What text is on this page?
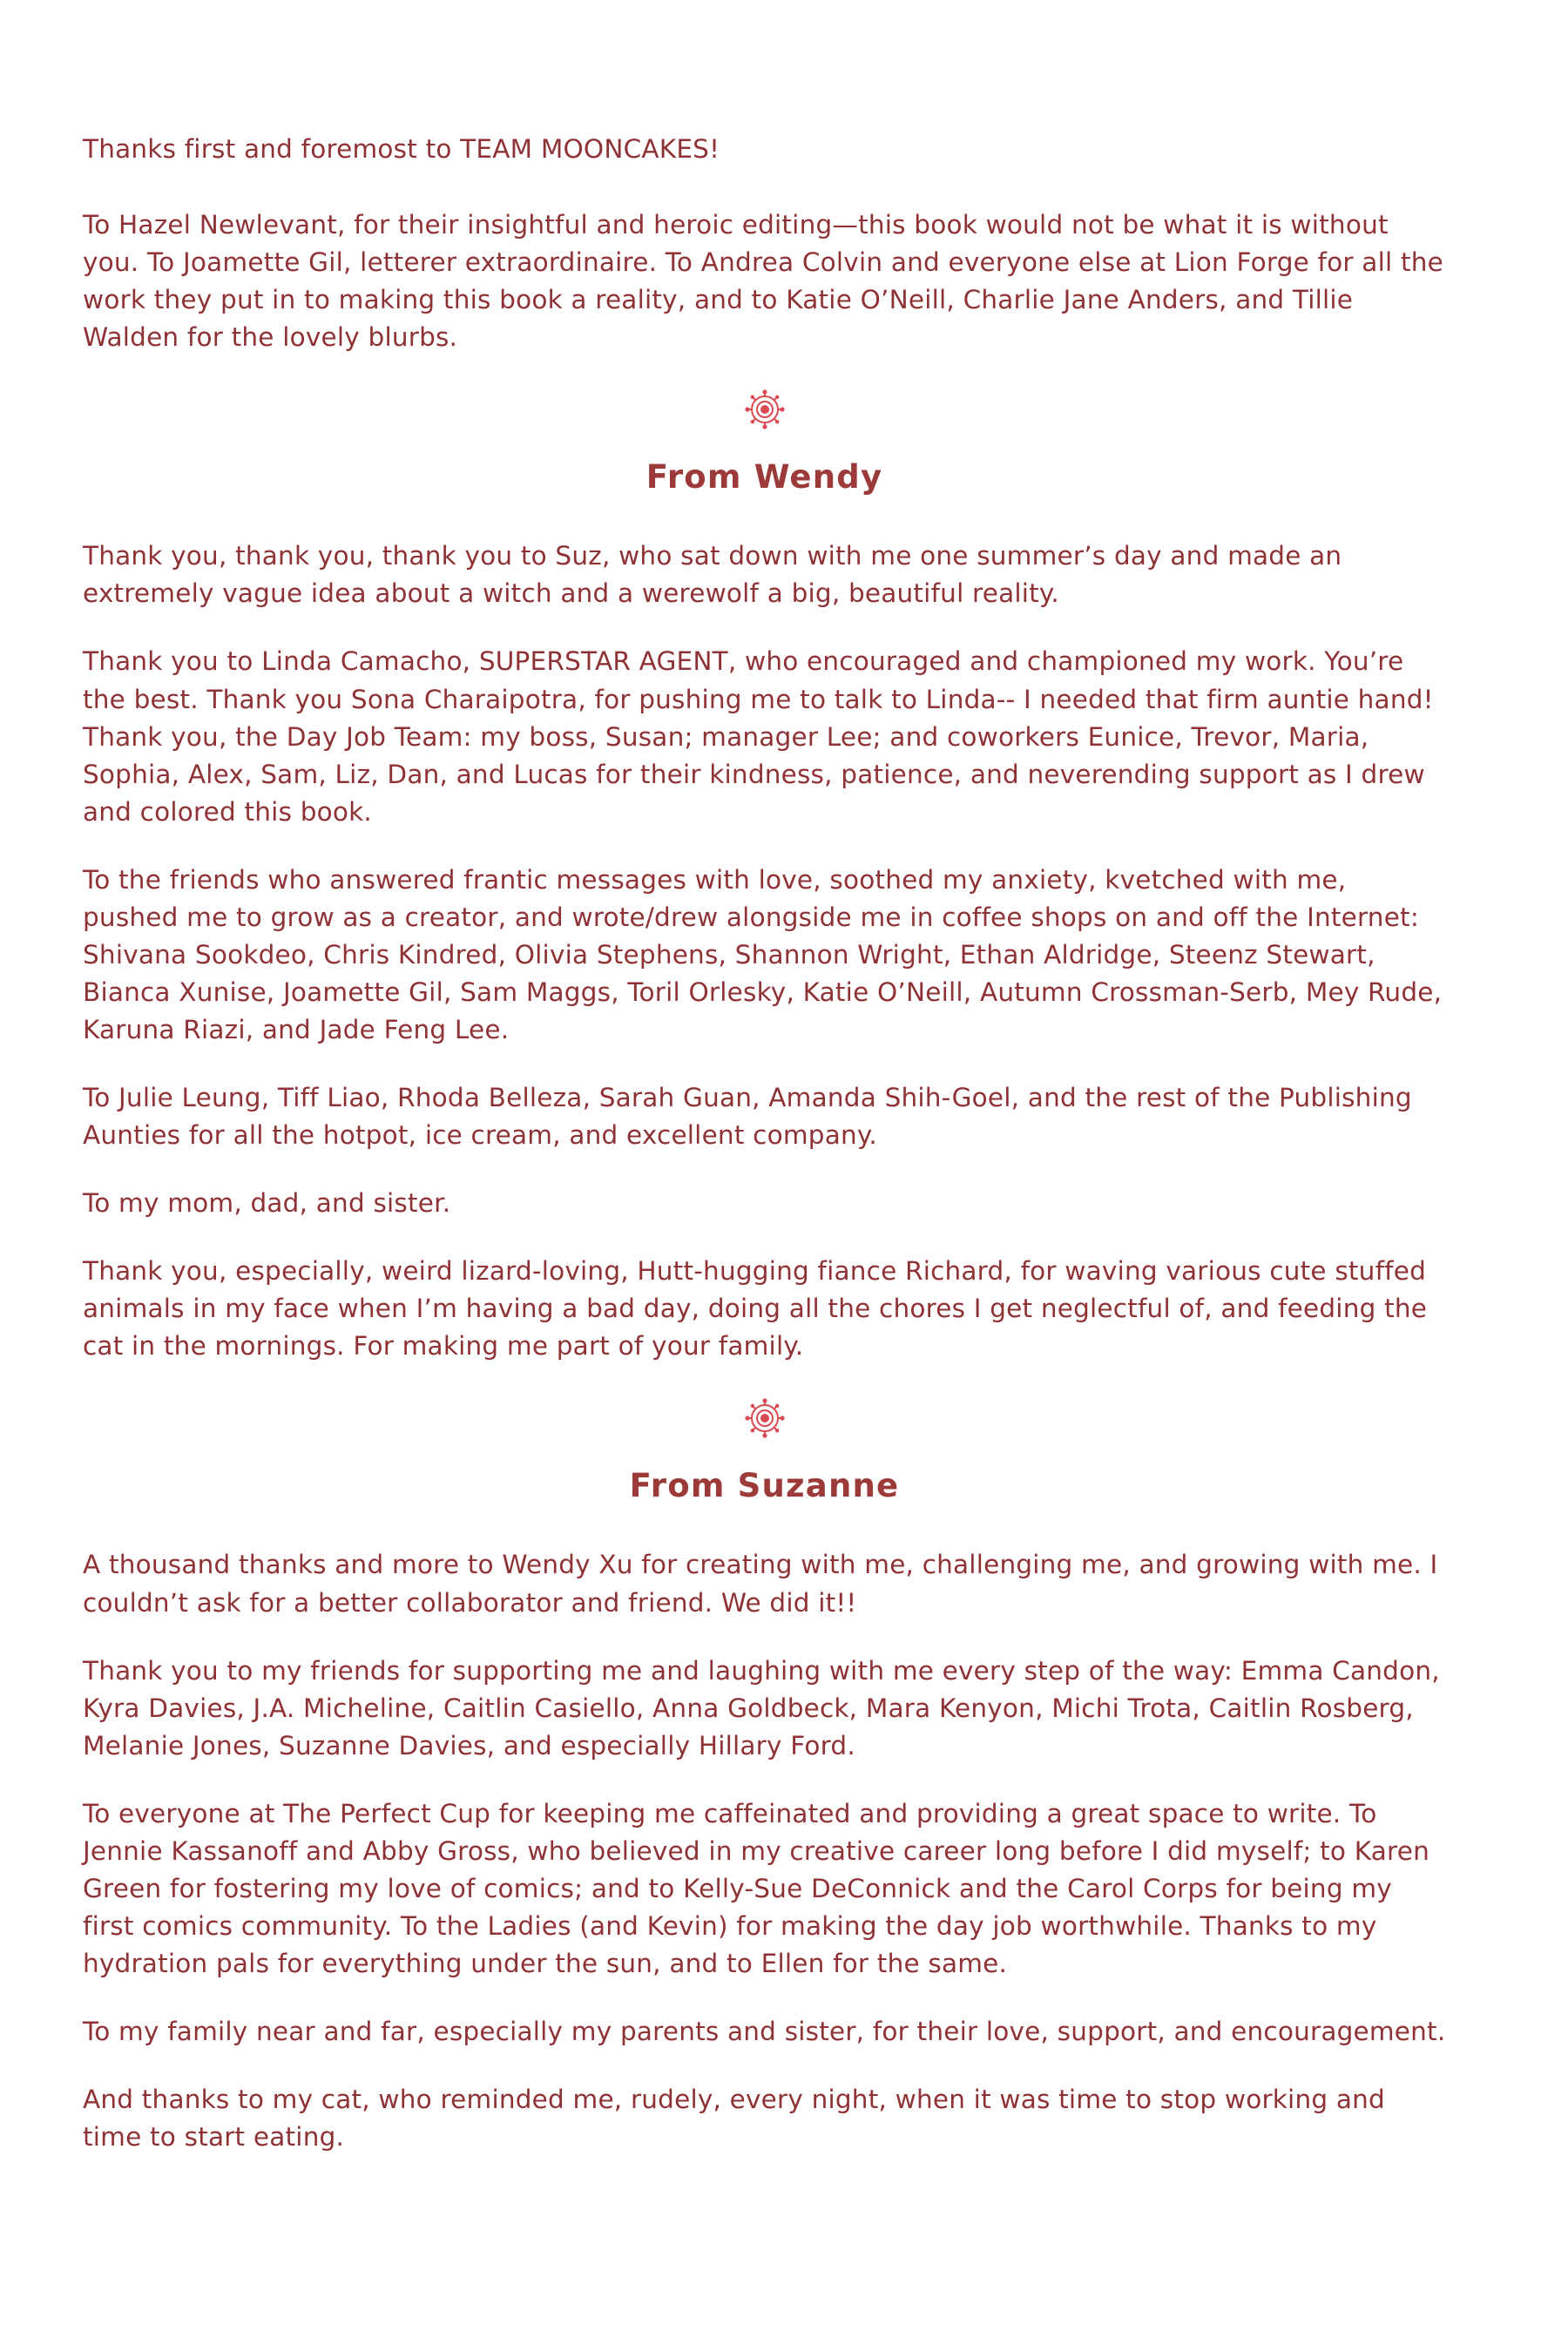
Thanks first and foremost to TEAM MOONCAKES!

To Hazel Newlevant, for their insightful and heroic editing—this book would not be what it is without you. To Joamette Gil, letterer extraordinaire. To Andrea Colvin and everyone else at Lion Forge for all the work they put in to making this book a reality, and to Katie O’Neill, Charlie Jane Anders, and Tillie Walden for the lovely blurbs.

From Wendy

Thank you, thank you, thank you to Suz, who sat down with me one summer’s day and made an extremely vague idea about a witch and a werewolf a big, beautiful reality.

Thank you to Linda Camacho, SUPERSTAR AGENT, who encouraged and championed my work. You’re the best. Thank you Sona Charaipotra, for pushing me to talk to Linda-- I needed that firm auntie hand! Thank you, the Day Job Team: my boss, Susan; manager Lee; and coworkers Eunice, Trevor, Maria, Sophia, Alex, Sam, Liz, Dan, and Lucas for their kindness, patience, and neverending support as I drew and colored this book.

To the friends who answered frantic messages with love, soothed my anxiety, kvetched with me, pushed me to grow as a creator, and wrote/drew alongside me in coffee shops on and off the Internet: Shivana Sookdeo, Chris Kindred, Olivia Stephens, Shannon Wright, Ethan Aldridge, Steenz Stewart, Bianca Xunise, Joamette Gil, Sam Maggs, Toril Orlesky, Katie O’Neill, Autumn Crossman-Serb, Mey Rude, Karuna Riazi, and Jade Feng Lee.

To Julie Leung, Tiff Liao, Rhoda Belleza, Sarah Guan, Amanda Shih-Goel, and the rest of the Publishing Aunties for all the hotpot, ice cream, and excellent company.

To my mom, dad, and sister.

Thank you, especially, weird lizard-loving, Hutt-hugging fiance Richard, for waving various cute stuffed animals in my face when I’m having a bad day, doing all the chores I get neglectful of, and feeding the cat in the mornings. For making me part of your family.

From Suzanne

A thousand thanks and more to Wendy Xu for creating with me, challenging me, and growing with me. I couldn’t ask for a better collaborator and friend. We did it!!

Thank you to my friends for supporting me and laughing with me every step of the way: Emma Candon, Kyra Davies, J.A. Micheline, Caitlin Casiello, Anna Goldbeck, Mara Kenyon, Michi Trota, Caitlin Rosberg, Melanie Jones, Suzanne Davies, and especially Hillary Ford.

To everyone at The Perfect Cup for keeping me caffeinated and providing a great space to write. To Jennie Kassanoff and Abby Gross, who believed in my creative career long before I did myself; to Karen Green for fostering my love of comics; and to Kelly-Sue DeConnick and the Carol Corps for being my first comics community. To the Ladies (and Kevin) for making the day job worthwhile. Thanks to my hydration pals for everything under the sun, and to Ellen for the same.

To my family near and far, especially my parents and sister, for their love, support, and encouragement.

And thanks to my cat, who reminded me, rudely, every night, when it was time to stop working and time to start eating.
